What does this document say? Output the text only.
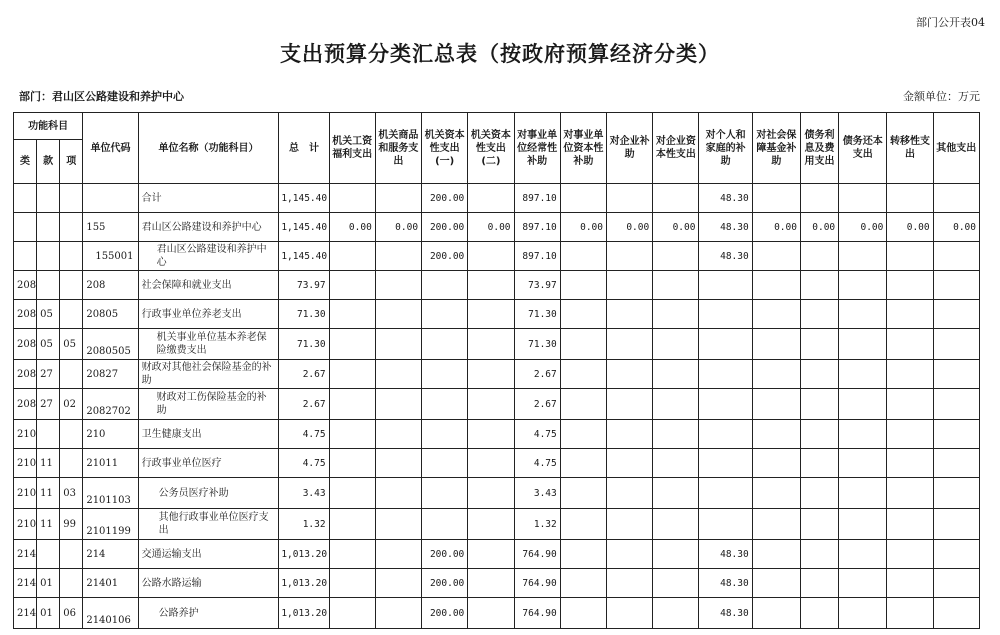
部门公开表04
支出预算分类汇总表（按政府预算经济分类）
部门：君山区公路建设和养护中心	金额单位：万元
功能科目			单位代码	单位名称（功能科目）	总　计	机关工资福利支出	机关商品和服务支出	机关资本性支出(一)	机关资本性支出(二)	对事业单位经常性补助	对事业单位资本性补助	对企业补助	对企业资本性支出	对个人和家庭的补助	对社会保障基金补助	债务利息及费用支出	债务还本支出	转移性支出	其他支出
类	款	项																	
				合计	1,145.40			200.00		897.10				48.30					
			155	君山区公路建设和养护中心	1,145.40	0.00	0.00	200.00	0.00	897.10	0.00	0.00	0.00	48.30	0.00	0.00	0.00	0.00	0.00
			155001	君山区公路建设和养护中心	1,145.40			200.00		897.10				48.30					
208			208	社会保障和就业支出	73.97					73.97									
208	05		20805	行政事业单位养老支出	71.30					71.30									
208	05	05	2080505	机关事业单位基本养老保险缴费支出	71.30					71.30									
208	27		20827	财政对其他社会保险基金的补助	2.67					2.67									
208	27	02	2082702	财政对工伤保险基金的补助	2.67					2.67									
210			210	卫生健康支出	4.75					4.75									
210	11		21011	行政事业单位医疗	4.75					4.75									
210	11	03	2101103	公务员医疗补助	3.43					3.43									
210	11	99	2101199	其他行政事业单位医疗支出	1.32					1.32									
214			214	交通运输支出	1,013.20			200.00		764.90				48.30					
214	01		21401	公路水路运输	1,013.20			200.00		764.90				48.30					
214	01	06	2140106	公路养护	1,013.20			200.00		764.90				48.30					
